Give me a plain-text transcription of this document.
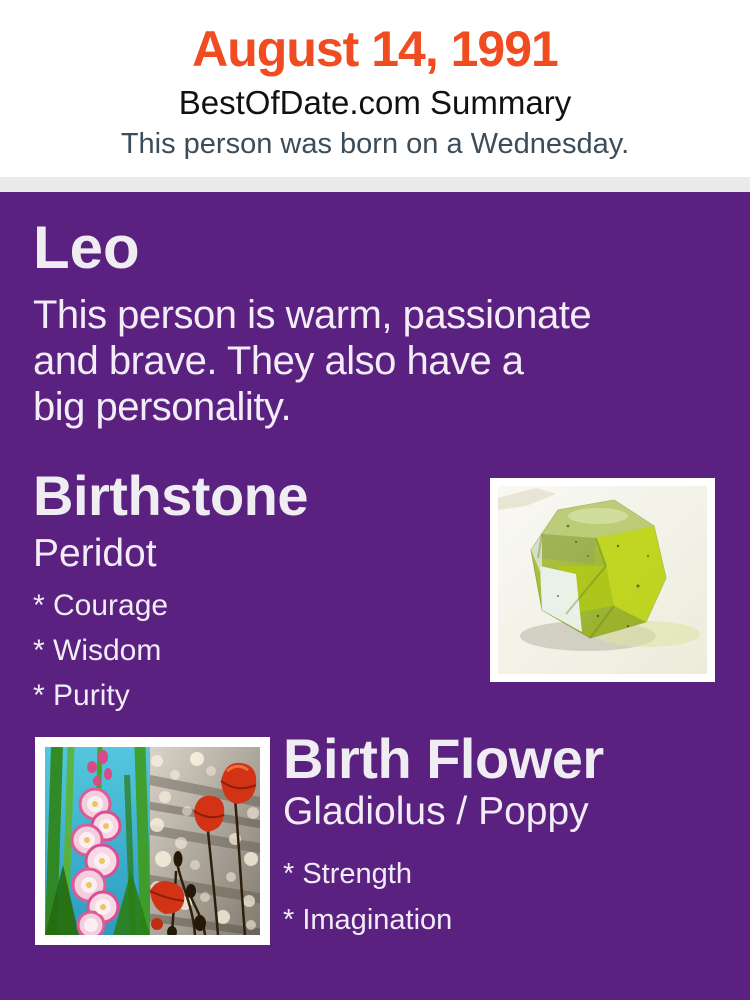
August 14, 1991
BestOfDate.com Summary
This person was born on a Wednesday.
Leo
This person is warm, passionate
and brave. They also have a
big personality.
Birthstone
Peridot
* Courage
* Wisdom
* Purity
Birth Flower
Gladiolus / Poppy
* Strength
* Imagination
